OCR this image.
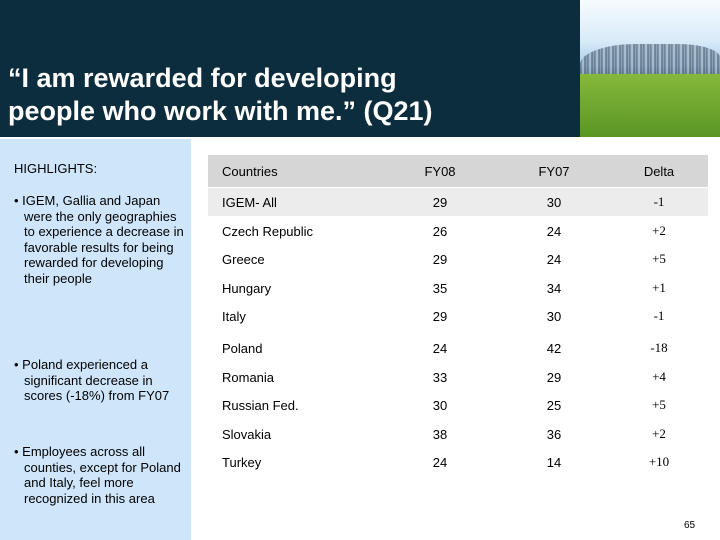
“I am rewarded for developing
people who work with me.” (Q21)
HIGHLIGHTS:
• IGEM, Gallia and Japan were the only geographies to experience a decrease in favorable results for being rewarded for developing their people
• Poland experienced a significant decrease in scores (-18%) from FY07
• Employees across all counties, except for Poland and Italy, feel more recognized in this area
Countries	FY08	FY07	Delta
IGEM- All	29	30	-1
Czech Republic	26	24	+2
Greece	29	24	+5
Hungary	35	34	+1
Italy	29	30	-1
Poland	24	42	-18
Romania	33	29	+4
Russian Fed.	30	25	+5
Slovakia	38	36	+2
Turkey	24	14	+10
65
